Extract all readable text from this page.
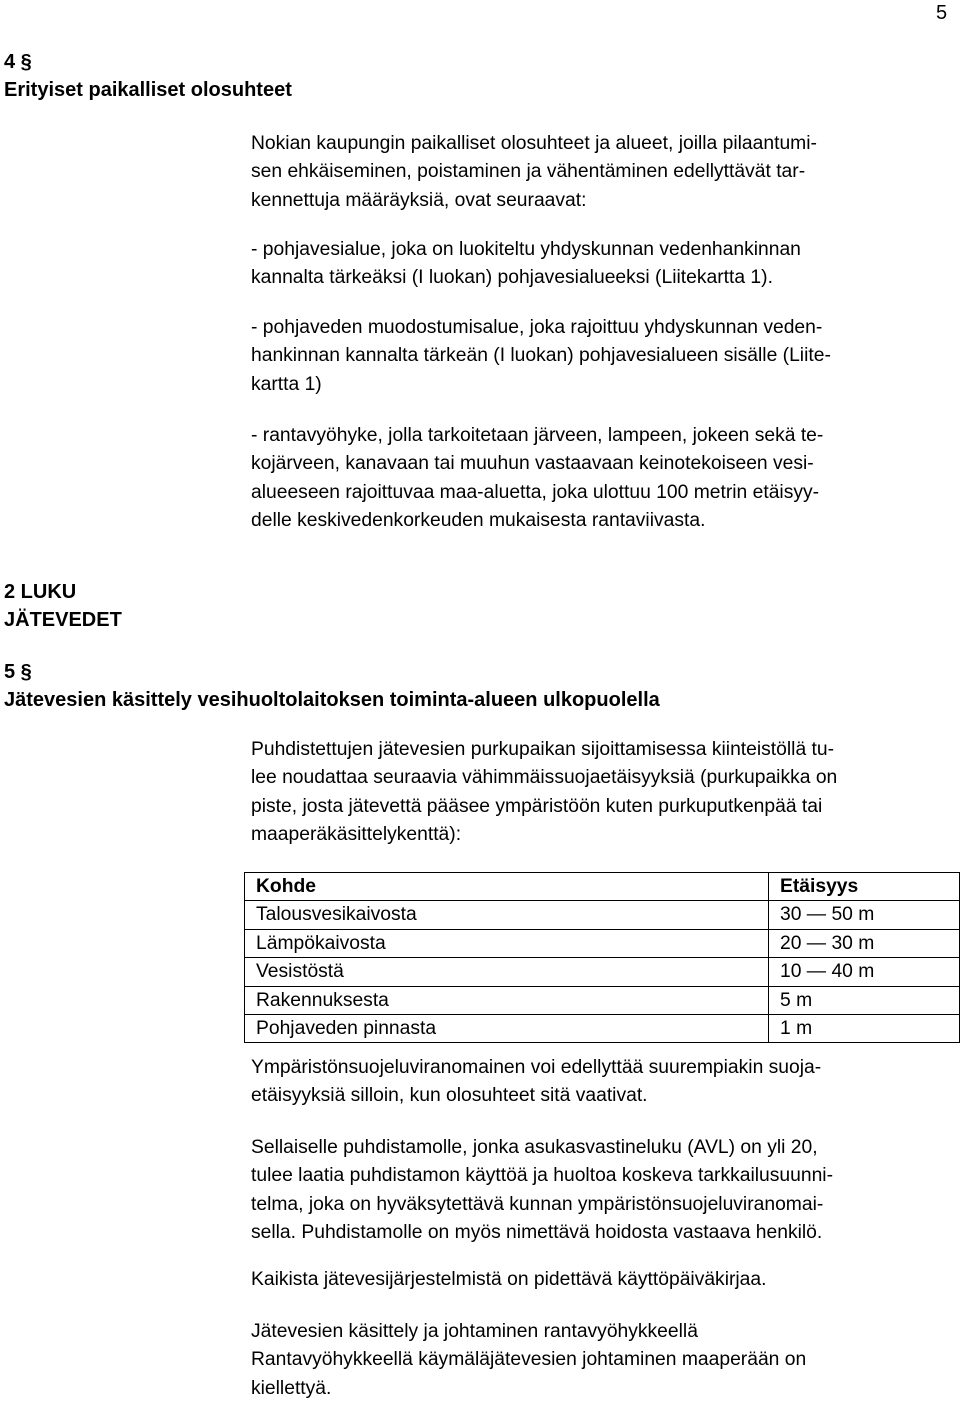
5
4 §
Erityiset paikalliset olosuhteet
Nokian kaupungin paikalliset olosuhteet ja alueet, joilla pilaantumi-
sen ehkäiseminen, poistaminen ja vähentäminen edellyttävät tar-
kennettuja määräyksiä, ovat seuraavat:
- pohjavesialue, joka on luokiteltu yhdyskunnan vedenhankinnan
kannalta tärkeäksi (I luokan) pohjavesialueeksi (Liitekartta 1).
- pohjaveden muodostumisalue, joka rajoittuu yhdyskunnan veden-
hankinnan kannalta tärkeän (I luokan) pohjavesialueen sisälle (Liite-
kartta 1)
- rantavyöhyke, jolla tarkoitetaan järveen, lampeen, jokeen sekä te-
kojärveen, kanavaan tai muuhun vastaavaan keinotekoiseen vesi-
alueeseen rajoittuvaa maa-aluetta, joka ulottuu 100 metrin etäisyy-
delle keskivedenkorkeuden mukaisesta rantaviivasta.
2 LUKU
JÄTEVEDET
5 §
Jätevesien käsittely vesihuoltolaitoksen toiminta-alueen ulkopuolella
Puhdistettujen jätevesien purkupaikan sijoittamisessa kiinteistöllä tu-
lee noudattaa seuraavia vähimmäissuojaetäisyyksiä (purkupaikka on
piste, josta jätevettä pääsee ympäristöön kuten purkuputkenpää tai
maaperäkäsittelykenttä):
Kohde	Etäisyys
Talousvesikaivosta	30 — 50 m
Lämpökaivosta	20 — 30 m
Vesistöstä	10 — 40 m
Rakennuksesta	5 m
Pohjaveden pinnasta	1 m
Ympäristönsuojeluviranomainen voi edellyttää suurempiakin suoja-
etäisyyksiä silloin, kun olosuhteet sitä vaativat.
Sellaiselle puhdistamolle, jonka asukasvastineluku (AVL) on yli 20,
tulee laatia puhdistamon käyttöä ja huoltoa koskeva tarkkailusuunni-
telma, joka on hyväksytettävä kunnan ympäristönsuojeluviranomai-
sella. Puhdistamolle on myös nimettävä hoidosta vastaava henkilö.
Kaikista jätevesijärjestelmistä on pidettävä käyttöpäiväkirjaa.
Jätevesien käsittely ja johtaminen rantavyöhykkeellä
Rantavyöhykkeellä käymäläjätevesien johtaminen maaperään on
kiellettyä.
